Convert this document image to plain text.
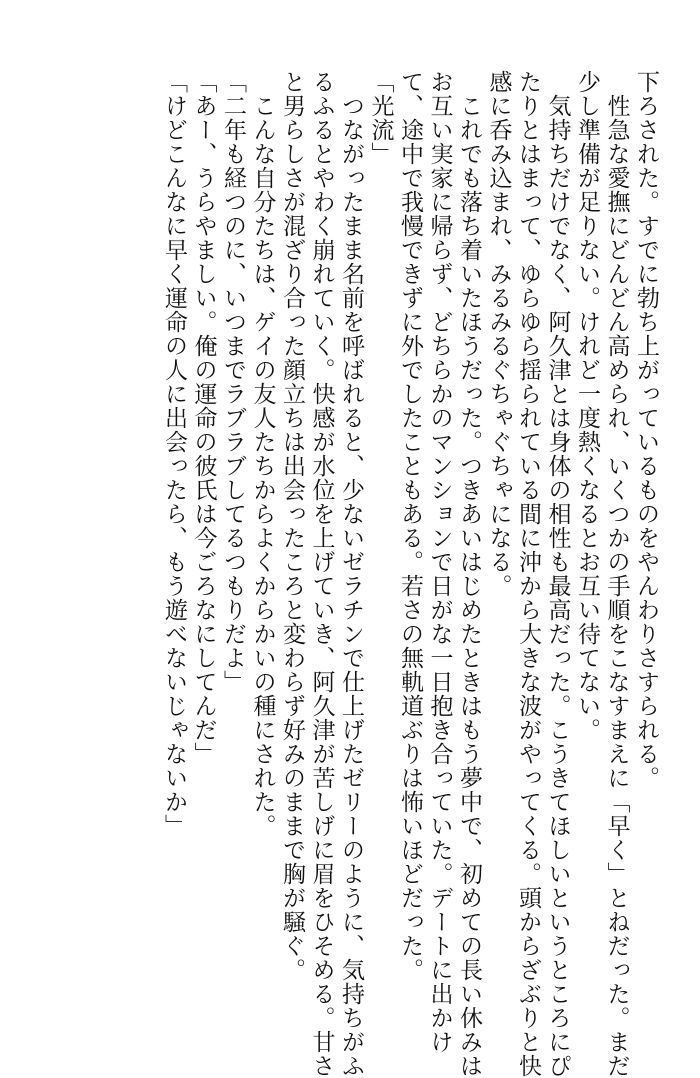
下ろされた。すでに勃ち上がっているものをやんわりさすられる。
　性急な愛撫にどんどん高められ、いくつかの手順をこなすまえに「早く」とねだった。まだ
少し準備が足りない。けれど一度熱くなるとお互い待てない。
　気持ちだけでなく、阿久津とは身体の相性も最高だった。こうきてほしいというところにぴ
たりとはまって、ゆらゆら揺られている間に沖から大きな波がやってくる。頭からざぶりと快
感に呑み込まれ、みるみるぐちゃぐちゃになる。
　これでも落ち着いたほうだった。つきあいはじめたときはもう夢中で、初めての長い休みは
お互い実家に帰らず、どちらかのマンションで日がな一日抱き合っていた。デートに出かけ
て、途中で我慢できずに外でしたこともある。若さの無軌道ぶりは怖いほどだった。
「光流」
　つながったまま名前を呼ばれると、少ないゼラチンで仕上げたゼリーのように、気持ちがふ
るふるとやわく崩れていく。快感が水位を上げていき、阿久津が苦しげに眉をひそめる。甘さ
と男らしさが混ざり合った顔立ちは出会ったころと変わらず好みのままで胸が騒ぐ。
　こんな自分たちは、ゲイの友人たちからよくからかいの種にされた。
「二年も経つのに、いつまでラブラブしてるつもりだよ」
「あー、うらやましい。俺の運命の彼氏は今ごろなにしてんだ」
「けどこんなに早く運命の人に出会ったら、もう遊べないじゃないか」
